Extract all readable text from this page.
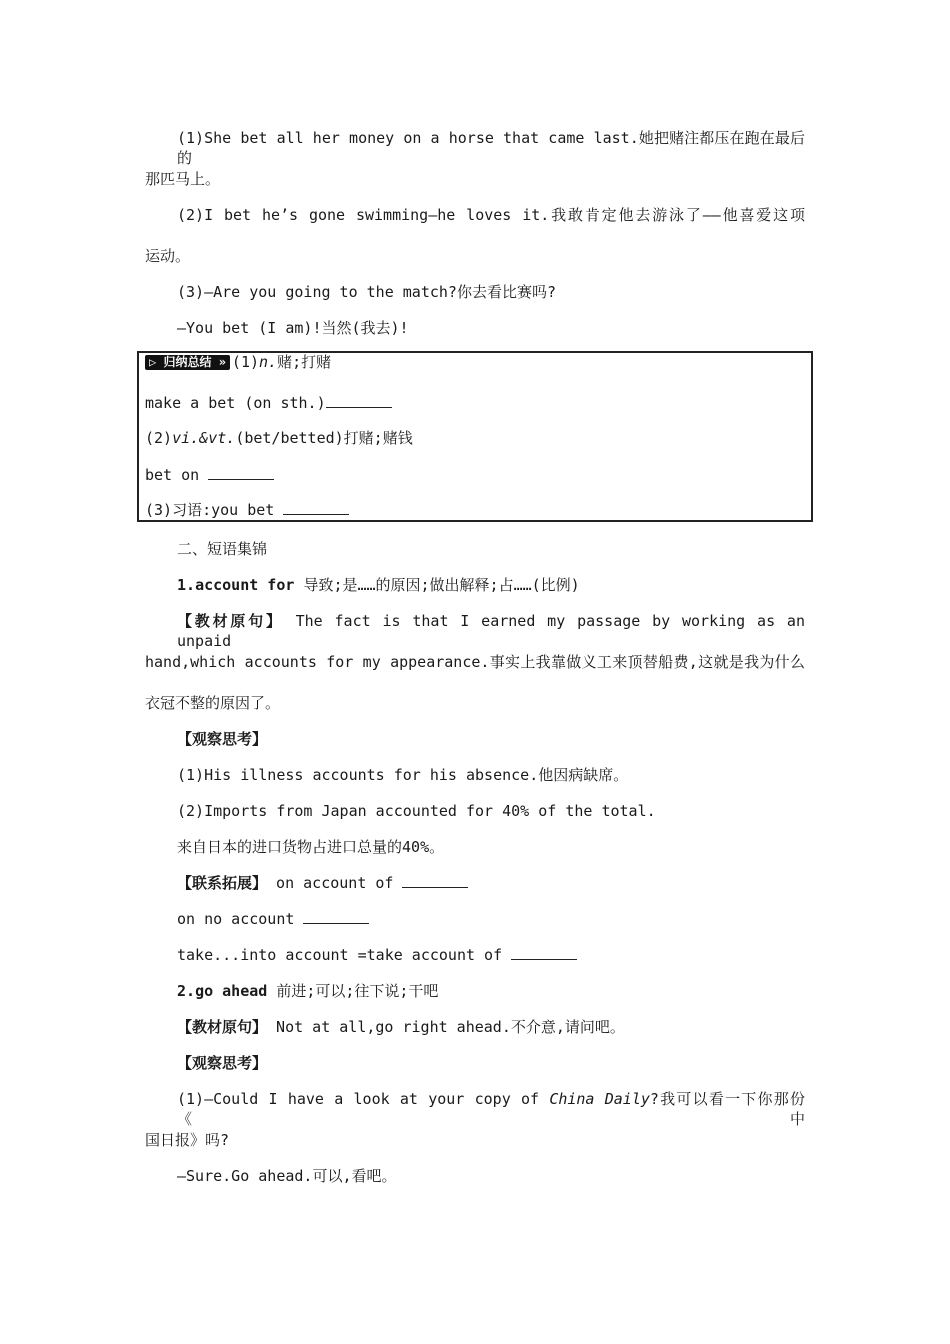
(1)She bet all her money on a horse that came last.她把赌注都压在跑在最后的
那匹马上。
(2)I bet he’s gone swimming—he loves it.我敢肯定他去游泳了——他喜爱这项
运动。
(3)—Are you going to the match?你去看比赛吗?
—You bet (I am)!当然(我去)!
▷ 归纳总结 » (1)n.赌;打赌
make a bet (on sth.)
(2)vi.&vt.(bet/betted)打赌;赌钱
bet on
(3)习语:you bet
二、短语集锦
1.account for 导致;是……的原因;做出解释;占……(比例)
【教材原句】 The fact is that I earned my passage by working as an unpaid
hand,which accounts for my appearance.事实上我靠做义工来顶替船费,这就是我为什么
衣冠不整的原因了。
【观察思考】
(1)His illness accounts for his absence.他因病缺席。
(2)Imports from Japan accounted for 40% of the total.
来自日本的进口货物占进口总量的40%。
【联系拓展】 on account of
on no account
take...into account =take account of
2.go ahead 前进;可以;往下说;干吧
【教材原句】 Not at all,go right ahead.不介意,请问吧。
【观察思考】
(1)—Could I have a look at your copy of China Daily?我可以看一下你那份《中
国日报》吗?
—Sure.Go ahead.可以,看吧。
